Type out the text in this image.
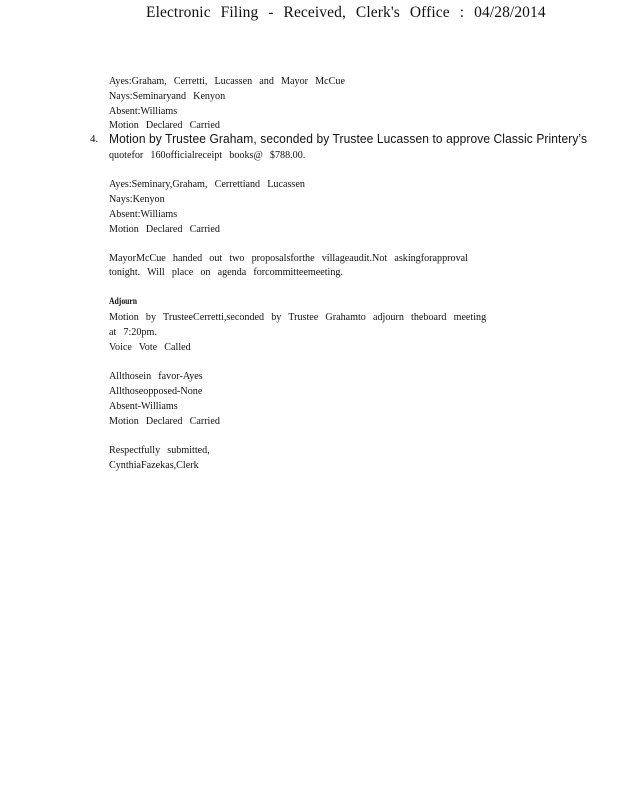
Electronic Filing - Received, Clerk's Office : 04/28/2014
Ayes:Graham, Cerretti, Lucassen and Mayor McCue
Nays:Seminaryand Kenyon
Absent:Williams
Motion Declared Carried
4. Motion by Trustee Graham, seconded by Trustee Lucassen to approve Classic Printery’s
quotefor 160officialreceipt books@ $788.00.
Ayes:Seminary,Graham, Cerrettiand Lucassen
Nays:Kenyon
Absent:Williams
Motion Declared Carried
MayorMcCue handed out two proposalsforthe villageaudit.Not askingforapproval
tonight. Will place on agenda forcommitteemeeting.
Adjourn
Motion by TrusteeCerretti,seconded by Trustee Grahamto adjourn theboard meeting
at 7:20pm.
Voice Vote Called
Allthosein favor-Ayes
Allthoseopposed-None
Absent-Williams
Motion Declared Carried
Respectfully submitted,
CynthiaFazekas,Clerk
